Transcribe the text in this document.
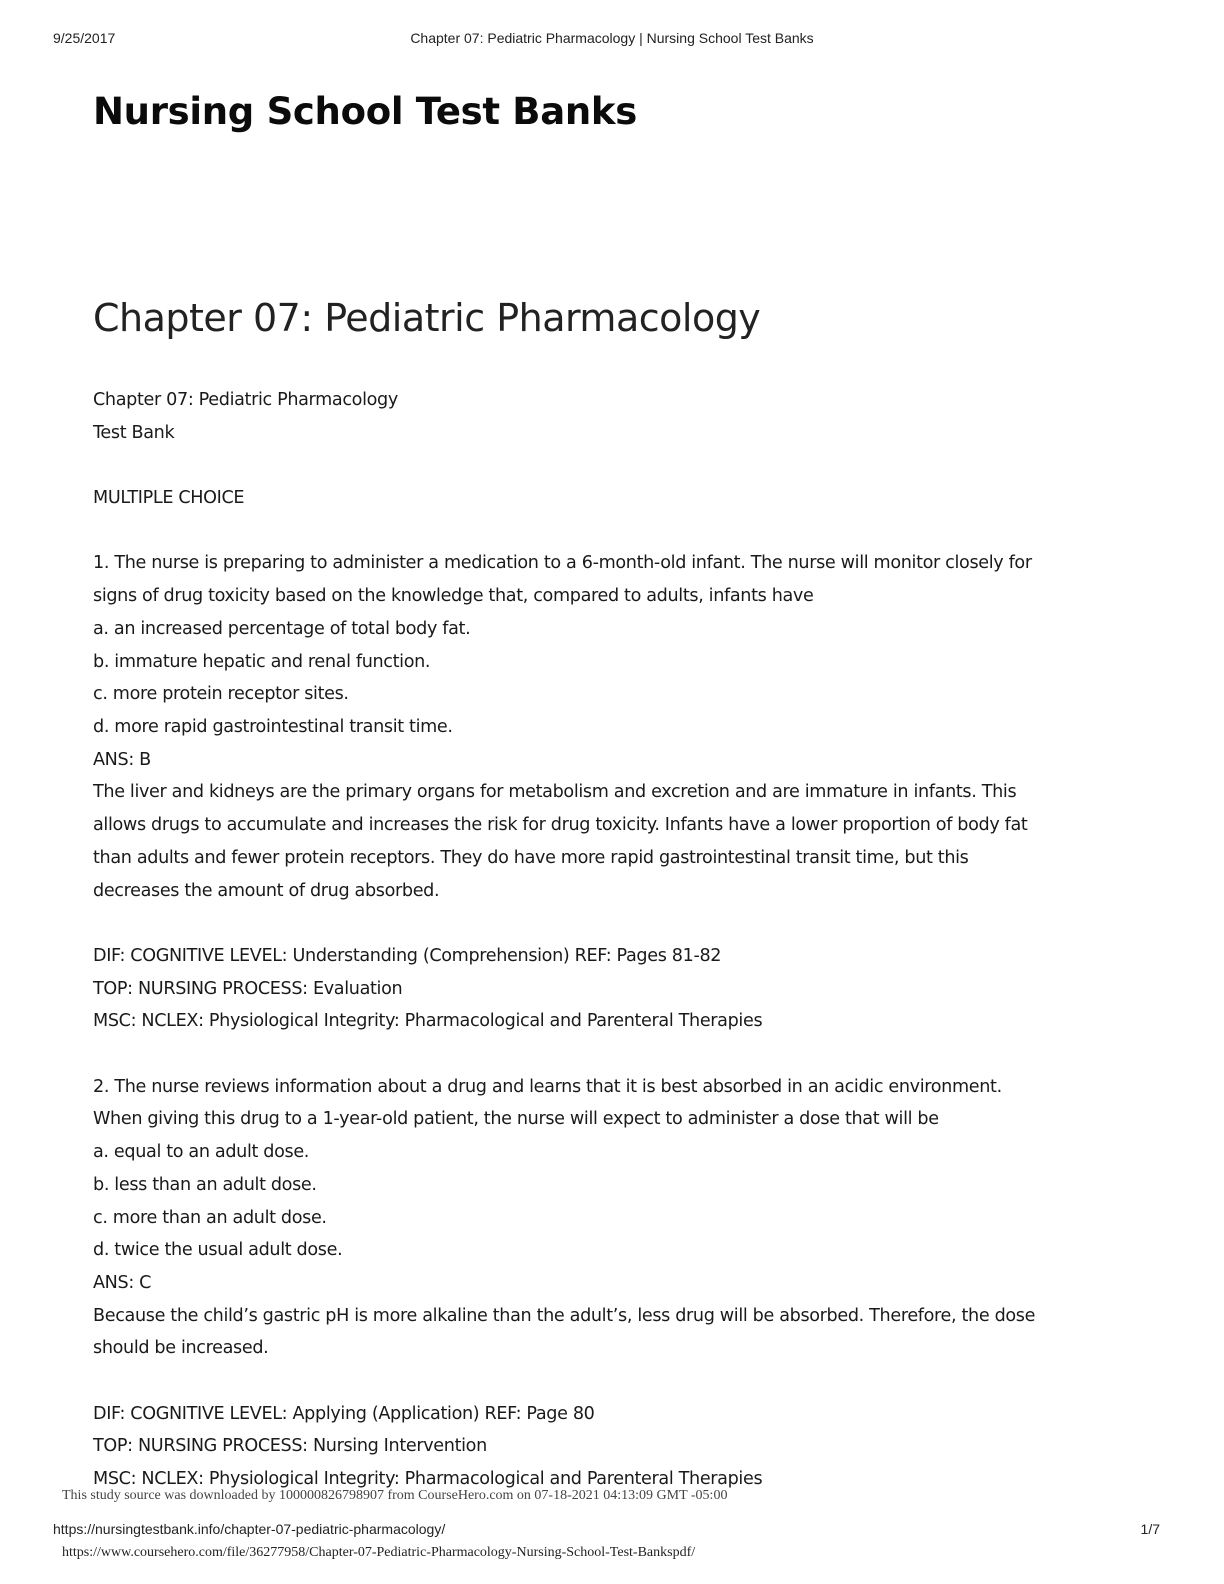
9/25/2017	Chapter 07: Pediatric Pharmacology | Nursing School Test Banks
Nursing School Test Banks
Chapter 07: Pediatric Pharmacology
Chapter 07: Pediatric Pharmacology
Test Bank
MULTIPLE CHOICE
1. The nurse is preparing to administer a medication to a 6-month-old infant. The nurse will monitor closely for
signs of drug toxicity based on the knowledge that, compared to adults, infants have
a. an increased percentage of total body fat.
b. immature hepatic and renal function.
c. more protein receptor sites.
d. more rapid gastrointestinal transit time.
ANS: B
The liver and kidneys are the primary organs for metabolism and excretion and are immature in infants. This
allows drugs to accumulate and increases the risk for drug toxicity. Infants have a lower proportion of body fat
than adults and fewer protein receptors. They do have more rapid gastrointestinal transit time, but this
decreases the amount of drug absorbed.
DIF: COGNITIVE LEVEL: Understanding (Comprehension) REF: Pages 81-82
TOP: NURSING PROCESS: Evaluation
MSC: NCLEX: Physiological Integrity: Pharmacological and Parenteral Therapies
2. The nurse reviews information about a drug and learns that it is best absorbed in an acidic environment.
When giving this drug to a 1-year-old patient, the nurse will expect to administer a dose that will be
a. equal to an adult dose.
b. less than an adult dose.
c. more than an adult dose.
d. twice the usual adult dose.
ANS: C
Because the child’s gastric pH is more alkaline than the adult’s, less drug will be absorbed. Therefore, the dose
should be increased.
DIF: COGNITIVE LEVEL: Applying (Application) REF: Page 80
TOP: NURSING PROCESS: Nursing Intervention
MSC: NCLEX: Physiological Integrity: Pharmacological and Parenteral Therapies
This study source was downloaded by 100000826798907 from CourseHero.com on 07-18-2021 04:13:09 GMT -05:00
https://nursingtestbank.info/chapter-07-pediatric-pharmacology/	1/7
https://www.coursehero.com/file/36277958/Chapter-07-Pediatric-Pharmacology-Nursing-School-Test-Bankspdf/
